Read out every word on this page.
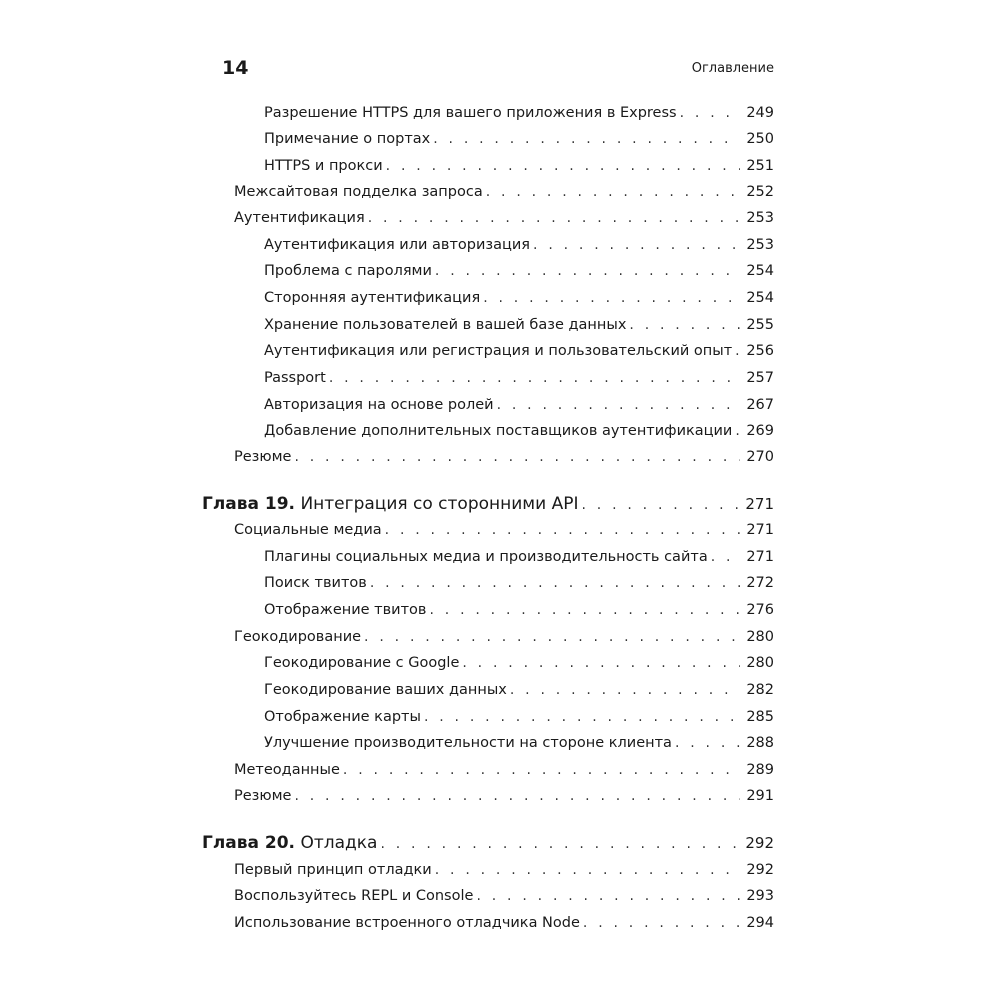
14	Оглавление
Разрешение HTTPS для вашего приложения в Express . . .	249
Примечание о портах . . .	250
HTTPS и прокси . . .	251
Межсайтовая подделка запроса . . .	252
Аутентификация . . .	253
Аутентификация или авторизация . . .	253
Проблема с паролями . . .	254
Сторонняя аутентификация . . .	254
Хранение пользователей в вашей базе данных . . .	255
Аутентификация или регистрация и пользовательский опыт . . . 256
Passport . . .	257
Авторизация на основе ролей . . .	267
Добавление дополнительных поставщиков аутентификации . . . 269
Резюме . . .	270
Глава 19. Интеграция со сторонними API . . .	271
Социальные медиа . . .	271
Плагины социальных медиа и производительность сайта . . .	271
Поиск твитов . . .	272
Отображение твитов . . .	276
Геокодирование . . .	280
Геокодирование с Google . . .	280
Геокодирование ваших данных . . .	282
Отображение карты . . .	285
Улучшение производительности на стороне клиента . . .	288
Метеоданные . . .	289
Резюме . . .	291
Глава 20. Отладка . . .	292
Первый принцип отладки . . .	292
Воспользуйтесь REPL и Console . . .	293
Использование встроенного отладчика Node . . .	294
